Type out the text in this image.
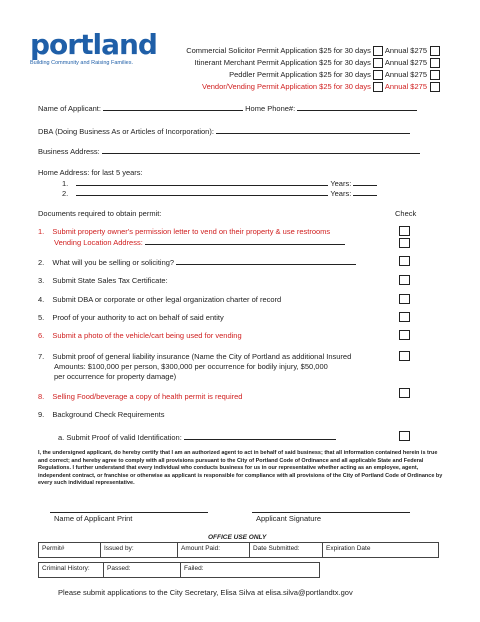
portland
Building Community and Raising Families.
Commercial Solicitor Permit Application $25 for 30 days Annual $275
Itinerant Merchant Permit Application $25 for 30 days Annual $275
Peddler Permit Application $25 for 30 days Annual $275
Vendor/Vending Permit Application $25 for 30 days Annual $275
Name of Applicant:	Home Phone#:
DBA (Doing Business As or Articles of Incorporation):
Business Address:
Home Address: for last 5 years:
1.	Years:
2.	Years:
Documents required to obtain permit:	Check
1. Submit property owner's permission letter to vend on their property & use restrooms
Vending Location Address:
2. What will you be selling or soliciting?
3. Submit State Sales Tax Certificate:
4. Submit DBA or corporate or other legal organization charter of record
5. Proof of your authority to act on behalf of said entity
6. Submit a photo of the vehicle/cart being used for vending
7. Submit proof of general liability insurance (Name the City of Portland as additional Insured
Amounts: $100,000 per person, $300,000 per occurrence for bodily injury, $50,000
per occurrence for property damage)
8. Selling Food/beverage a copy of health permit is required
9. Background Check Requirements
a. Submit Proof of valid Identification:
I, the undersigned applicant, do hereby certify that I am an authorized agent to act in behalf of said business; that all information contained herein is true and correct; and hereby agree to comply with all provisions pursuant to the City of Portland Code of Ordinance and all applicable State and Federal Regulations. I further understand that every individual who conducts business for us in our representative whether acting as an employee, agent, independent contract, or franchise or otherwise as applicant is responsible for compliance with all provisions of the City of Portland Code of Ordinance by every such individual representative.
Name of Applicant Print	Applicant Signature
OFFICE USE ONLY
Permit#	Issued by:	Amount Paid:	Date Submitted:	Expiration Date
Criminal History:	Passed:	Failed:
Please submit applications to the City Secretary, Elisa Silva at elisa.silva@portlandtx.gov
